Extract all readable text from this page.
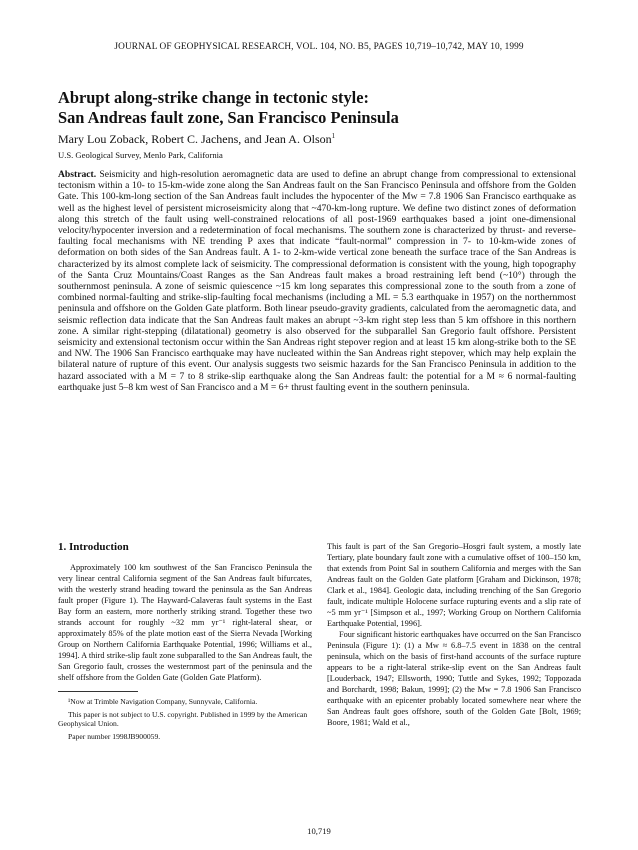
JOURNAL OF GEOPHYSICAL RESEARCH, VOL. 104, NO. B5, PAGES 10,719–10,742, MAY 10, 1999
Abrupt along-strike change in tectonic style:
San Andreas fault zone, San Francisco Peninsula
Mary Lou Zoback, Robert C. Jachens, and Jean A. Olson$^1$
U.S. Geological Survey, Menlo Park, California
Abstract. Seismicity and high-resolution aeromagnetic data are used to define an abrupt change from compressional to extensional tectonism within a 10- to 15-km-wide zone along the San Andreas fault on the San Francisco Peninsula and offshore from the Golden Gate. This 100-km-long section of the San Andreas fault includes the hypocenter of the Mw = 7.8 1906 San Francisco earthquake as well as the highest level of persistent microseismicity along that ~470-km-long rupture. We define two distinct zones of deformation along this stretch of the fault using well-constrained relocations of all post-1969 earthquakes based a joint one-dimensional velocity/hypocenter inversion and a redetermination of focal mechanisms. The southern zone is characterized by thrust- and reverse-faulting focal mechanisms with NE trending P axes that indicate “fault-normal” compression in 7- to 10-km-wide zones of deformation on both sides of the San Andreas fault. A 1- to 2-km-wide vertical zone beneath the surface trace of the San Andreas is characterized by its almost complete lack of seismicity. The compressional deformation is consistent with the young, high topography of the Santa Cruz Mountains/Coast Ranges as the San Andreas fault makes a broad restraining left bend (~10°) through the southernmost peninsula. A zone of seismic quiescence ~15 km long separates this compressional zone to the south from a zone of combined normal-faulting and strike-slip-faulting focal mechanisms (including a ML = 5.3 earthquake in 1957) on the northernmost peninsula and offshore on the Golden Gate platform. Both linear pseudo-gravity gradients, calculated from the aeromagnetic data, and seismic reflection data indicate that the San Andreas fault makes an abrupt ~3-km right step less than 5 km offshore in this northern zone. A similar right-stepping (dilatational) geometry is also observed for the subparallel San Gregorio fault offshore. Persistent seismicity and extensional tectonism occur within the San Andreas right stepover region and at least 15 km along-strike both to the SE and NW. The 1906 San Francisco earthquake may have nucleated within the San Andreas right stepover, which may help explain the bilateral nature of rupture of this event. Our analysis suggests two seismic hazards for the San Francisco Peninsula in addition to the hazard associated with a M = 7 to 8 strike-slip earthquake along the San Andreas fault: the potential for a M ≈ 6 normal-faulting earthquake just 5–8 km west of San Francisco and a M = 6+ thrust faulting event in the southern peninsula.
1. Introduction

Approximately 100 km southwest of the San Francisco Peninsula the very linear central California segment of the San Andreas fault bifurcates, with the westerly strand heading toward the peninsula as the San Andreas fault proper (Figure 1). The Hayward-Calaveras fault systems in the East Bay form an eastern, more northerly striking strand. Together these two strands account for roughly ~32 mm yr⁻¹ right-lateral shear, or approximately 85% of the plate motion east of the Sierra Nevada [Working Group on Northern California Earthquake Potential, 1996; Williams et al., 1994]. A third strike-slip fault zone subparalled to the San Andreas fault, the San Gregorio fault, crosses the westernmost part of the peninsula and the shelf offshore from the Golden Gate (Golden Gate Platform).

¹Now at Trimble Navigation Company, Sunnyvale, California.

This paper is not subject to U.S. copyright. Published in 1999 by the American Geophysical Union.

Paper number 1998JB900059.

This fault is part of the San Gregorio–Hosgri fault system, a mostly late Tertiary, plate boundary fault zone with a cumulative offset of 100–150 km, that extends from Point Sal in southern California and merges with the San Andreas fault on the Golden Gate platform [Graham and Dickinson, 1978; Clark et al., 1984]. Geologic data, including trenching of the San Gregorio fault, indicate multiple Holocene surface rupturing events and a slip rate of ~5 mm yr⁻¹ [Simpson et al., 1997; Working Group on Northern California Earthquake Potential, 1996].

Four significant historic earthquakes have occurred on the San Francisco Peninsula (Figure 1): (1) a Mw ≈ 6.8–7.5 event in 1838 on the central peninsula, which on the basis of first-hand accounts of the surface rupture appears to be a right-lateral strike-slip event on the San Andreas fault [Louderback, 1947; Ellsworth, 1990; Tuttle and Sykes, 1992; Toppozada and Borchardt, 1998; Bakun, 1999]; (2) the Mw = 7.8 1906 San Francisco earthquake with an epicenter probably located somewhere near where the San Andreas fault goes offshore, south of the Golden Gate [Bolt, 1969; Boore, 1981; Wald et al.,

10,719
